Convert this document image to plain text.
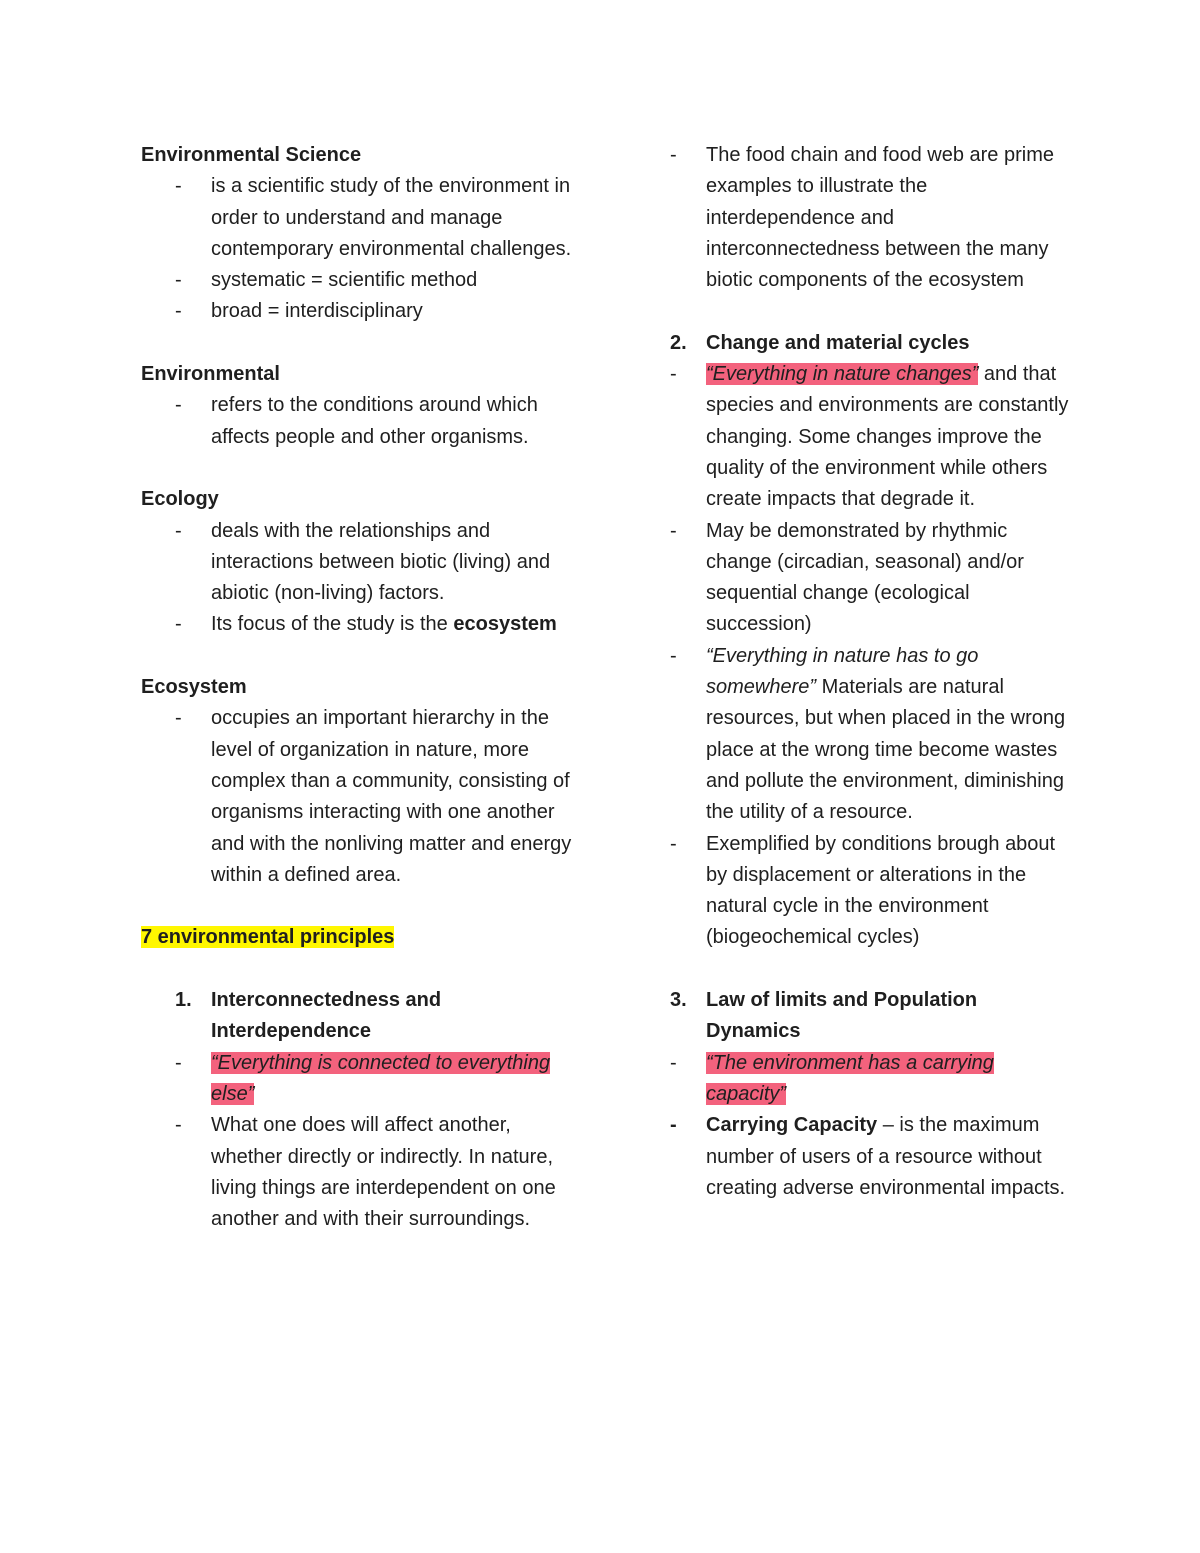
Environmental Science

-	is a scientific study of the environment in order to understand and manage contemporary environmental challenges.

-	systematic = scientific method

-	broad = interdisciplinary

Environmental

-	refers to the conditions around which affects people and other organisms.

Ecology

-	deals with the relationships and interactions between biotic (living) and abiotic (non-living) factors.

-	Its focus of the study is the ecosystem

Ecosystem

-	occupies an important hierarchy in the level of organization in nature, more complex than a community, consisting of organisms interacting with one another and with the nonliving matter and energy within a defined area.

7 environmental principles

1. Interconnectedness and Interdependence

-	“Everything is connected to everything else”

-	What one does will affect another, whether directly or indirectly. In nature, living things are interdependent on one another and with their surroundings.

-	The food chain and food web are prime examples to illustrate the interdependence and interconnectedness between the many biotic components of the ecosystem

2. Change and material cycles

-	“Everything in nature changes” and that species and environments are constantly changing. Some changes improve the quality of the environment while others create impacts that degrade it.

-	May be demonstrated by rhythmic change (circadian, seasonal) and/or sequential change (ecological succession)

-	“Everything in nature has to go somewhere” Materials are natural resources, but when placed in the wrong place at the wrong time become wastes and pollute the environment, diminishing the utility of a resource.

-	Exemplified by conditions brough about by displacement or alterations in the natural cycle in the environment (biogeochemical cycles)

3. Law of limits and Population Dynamics

-	“The environment has a carrying capacity”

-	Carrying Capacity – is the maximum number of users of a resource without creating adverse environmental impacts.
